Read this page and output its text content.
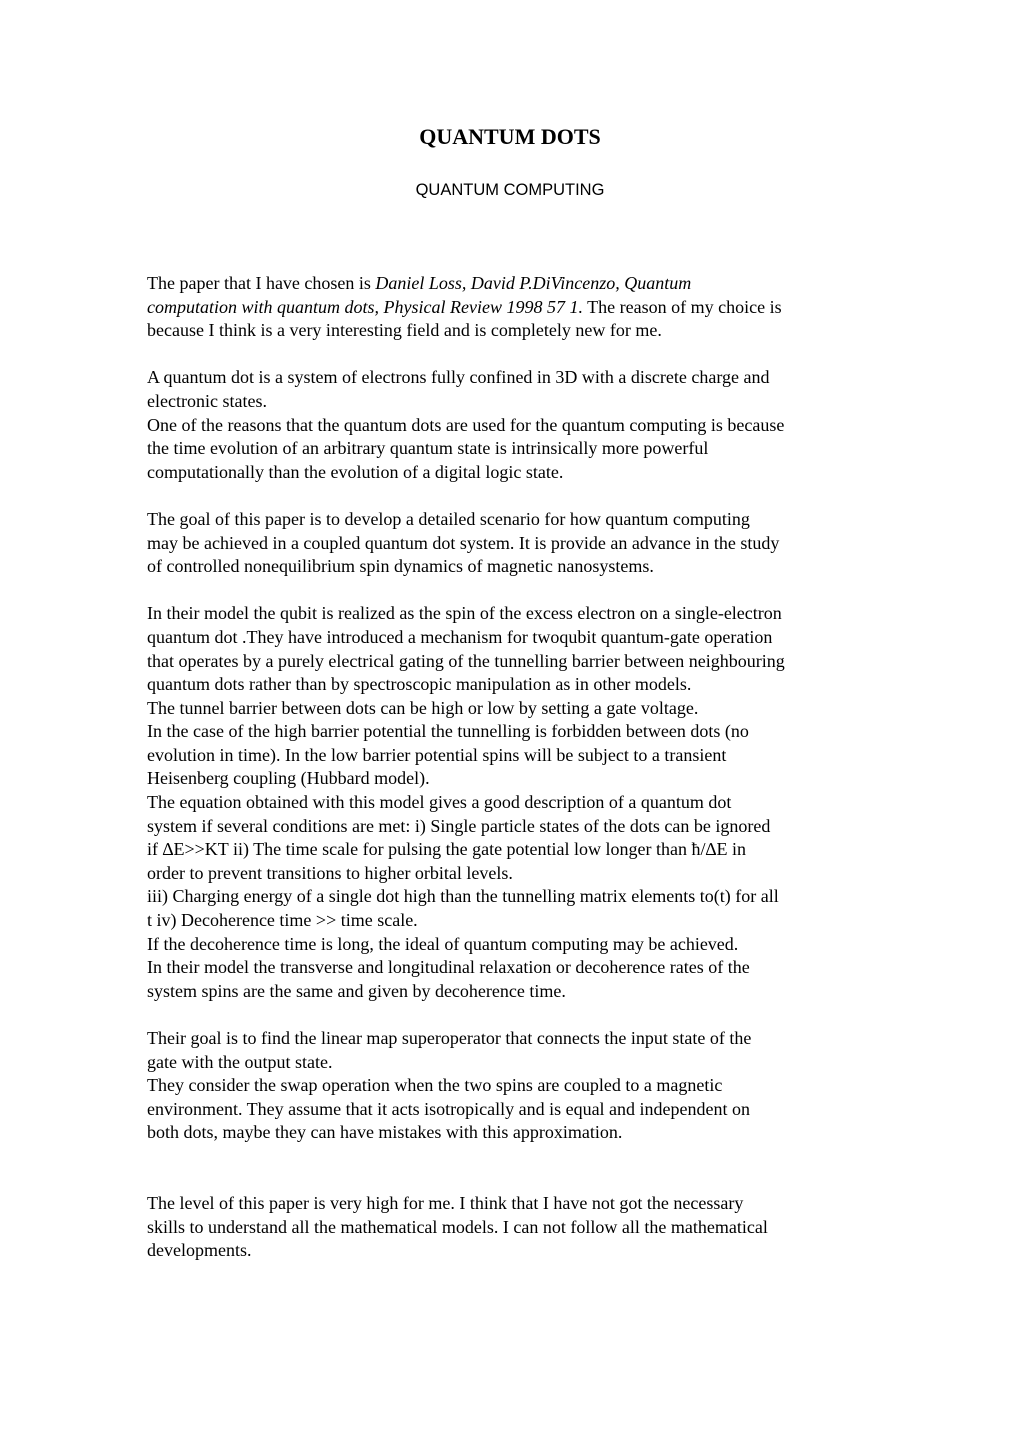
QUANTUM DOTS
QUANTUM COMPUTING
The paper that I have chosen is Daniel Loss, David P.DiVincenzo, Quantum
computation with quantum dots, Physical Review 1998 57 1. The reason of my choice is
because I think is a very interesting field and is completely new for me.
A quantum dot is a system of electrons fully confined in 3D with a discrete charge and
electronic states.
One of the reasons that the quantum dots are used for the quantum computing is because
the time evolution of an arbitrary quantum state is intrinsically more powerful
computationally than the evolution of a digital logic state.
The goal of this paper is to develop a detailed scenario for how quantum computing
may be achieved in a coupled quantum dot system. It is provide an advance in the study
of controlled nonequilibrium spin dynamics of magnetic nanosystems.
In their model the qubit is realized as the spin of the excess electron on a single-electron
quantum dot .They have introduced a mechanism for twoqubit quantum-gate operation
that operates by a purely electrical gating of the tunnelling barrier between neighbouring
quantum dots rather than by spectroscopic manipulation as in other models.
The tunnel barrier between dots can be high or low by setting a gate voltage.
In the case of the high barrier potential the tunnelling is forbidden between dots (no
evolution in time). In the low barrier potential spins will be subject to a transient
Heisenberg coupling (Hubbard model).
The equation obtained with this model gives a good description of a quantum dot
system if several conditions are met: i) Single particle states of the dots can be ignored
if ∆E>>KT ii) The time scale for pulsing the gate potential low longer than ħ/∆E in
order to prevent transitions to higher orbital levels.
iii) Charging energy of a single dot high than the tunnelling matrix elements to(t) for all
t iv) Decoherence time >> time scale.
If the decoherence time is long, the ideal of quantum computing may be achieved.
In their model the transverse and longitudinal relaxation or decoherence rates of the
system spins are the same and given by decoherence time.
Their goal is to find the linear map superoperator that connects the input state of the
gate with the output state.
They consider the swap operation when the two spins are coupled to a magnetic
environment. They assume that it acts isotropically and is equal and independent on
both dots, maybe they can have mistakes with this approximation.
The level of this paper is very high for me. I think that I have not got the necessary
skills to understand all the mathematical models. I can not follow all the mathematical
developments.
